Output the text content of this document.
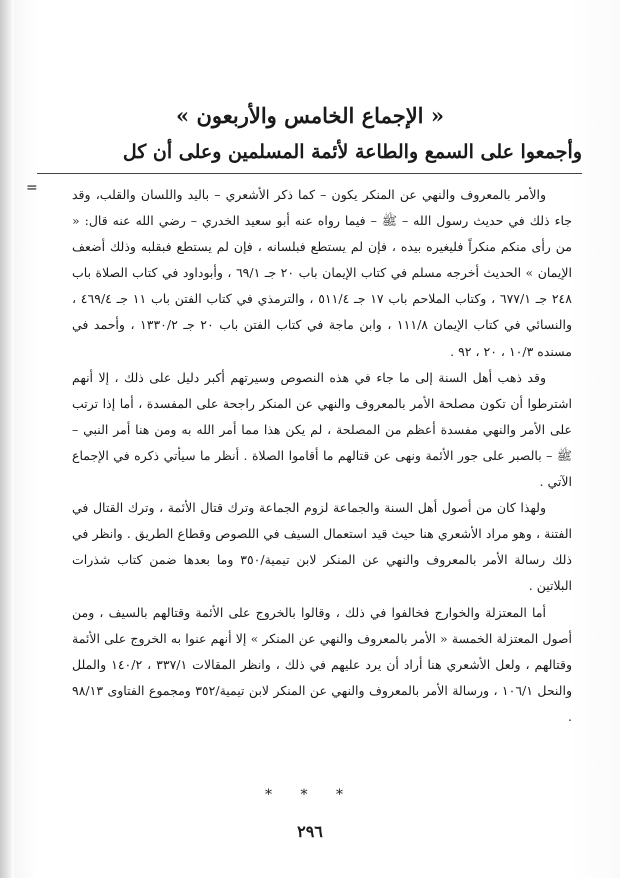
« الإجماع الخامس والأربعون »
وأجمعوا على السمع والطاعة لأئمة المسلمين وعلى أن كل
=	والأمر بالمعروف والنهي عن المنكر يكون – كما ذكر الأشعري – باليد واللسان والقلب، وقد جاء ذلك في حديث رسول الله – ﷺ – فيما رواه عنه أبو سعيد الخدري – رضي الله عنه قال: « من رأى منكم منكراً فليغيره بيده ، فإن لم يستطع فبلسانه ، فإن لم يستطع فبقلبه وذلك أضعف الإيمان » الحديث أخرجه مسلم في كتاب الإيمان باب ٢٠ جـ ٦٩/١ ، وأبوداود في كتاب الصلاة باب ٢٤٨ جـ ٦٧٧/١ ، وكتاب الملاحم باب ١٧ جـ ٥١١/٤ ، والترمذي في كتاب الفتن باب ١١ جـ ٤٦٩/٤ ، والنسائي في كتاب الإيمان ١١١/٨ ، وابن ماجة في كتاب الفتن باب ٢٠ جـ ١٣٣٠/٢ ، وأحمد في مسنده ١٠/٣ ، ٢٠ ، ٩٢ .

وقد ذهب أهل السنة إلى ما جاء في هذه النصوص وسيرتهم أكبر دليل على ذلك ، إلا أنهم اشترطوا أن تكون مصلحة الأمر بالمعروف والنهي عن المنكر راجحة على المفسدة ، أما إذا ترتب على الأمر والنهي مفسدة أعظم من المصلحة ، لم يكن هذا مما أمر الله به ومن هنا أمر النبي – ﷺ – بالصبر على جور الأئمة ونهى عن قتالهم ما أقاموا الصلاة . أنظر ما سيأتي ذكره في الإجماع الآتي .

ولهذا كان من أصول أهل السنة والجماعة لزوم الجماعة وترك قتال الأئمة ، وترك القتال في الفتنة ، وهو مراد الأشعري هنا حيث قيد استعمال السيف في اللصوص وقطاع الطريق . وانظر في ذلك رسالة الأمر بالمعروف والنهي عن المنكر لابن تيمية/٣٥٠ وما بعدها ضمن كتاب شذرات البلاتين .

أما المعتزلة والخوارج فخالفوا في ذلك ، وقالوا بالخروج على الأئمة وقتالهم بالسيف ، ومن أصول المعتزلة الخمسة « الأمر بالمعروف والنهي عن المنكر » إلا أنهم عنوا به الخروج على الأئمة وقتالهم ، ولعل الأشعري هنا أراد أن يرد عليهم في ذلك ، وانظر المقالات ٣٣٧/١ ، ١٤٠/٢ والملل والنحل ١٠٦/١ ، ورسالة الأمر بالمعروف والنهي عن المنكر لابن تيمية/٣٥٢ ومجموع الفتاوى ٩٨/١٣ .

* * *
٢٩٦
